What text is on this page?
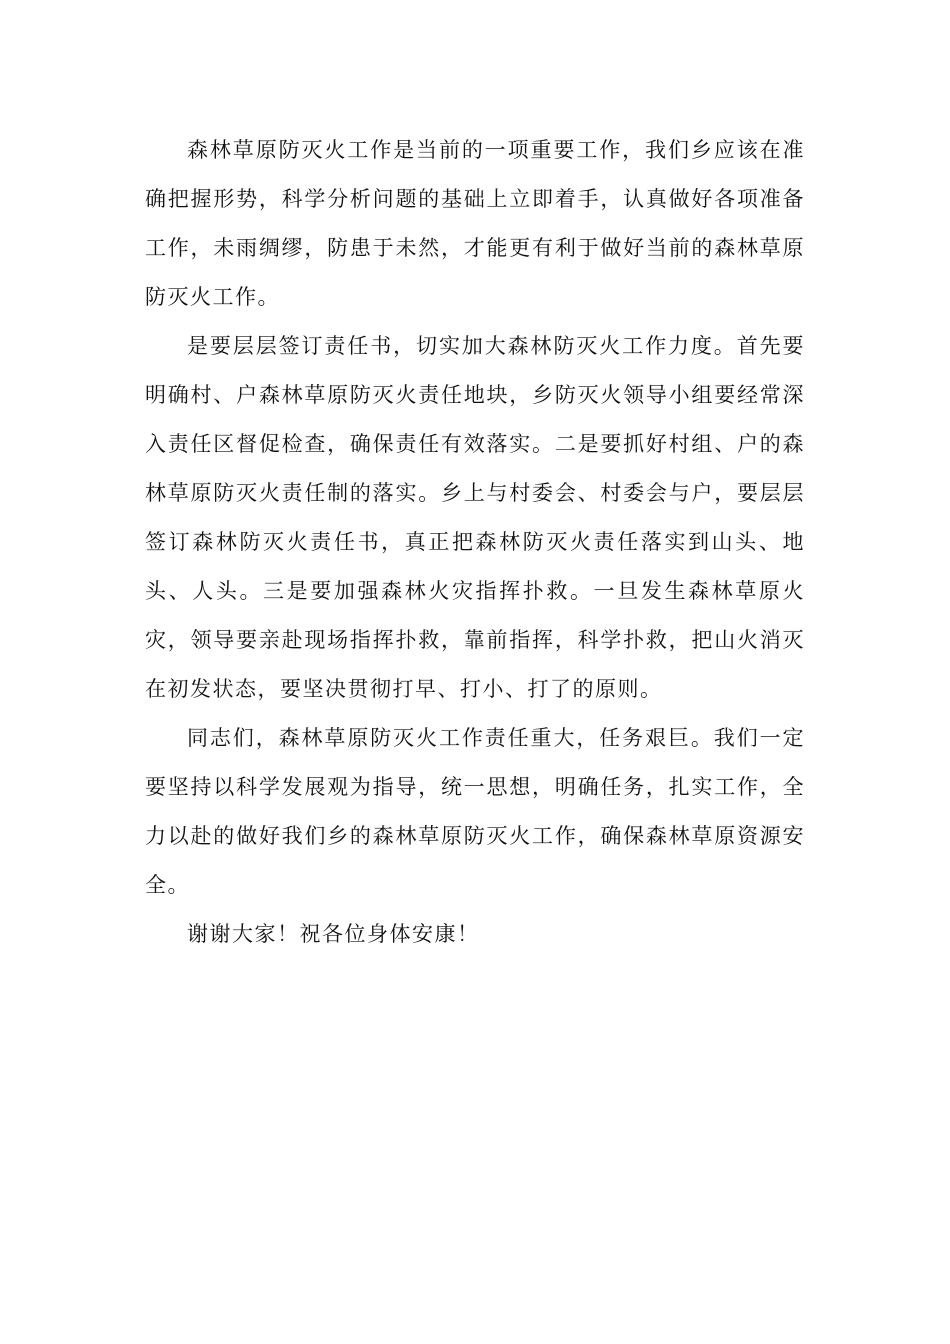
森林草原防灭火工作是当前的一项重要工作，我们乡应该在准确把握形势，科学分析问题的基础上立即着手，认真做好各项准备工作，未雨绸缪，防患于未然，才能更有利于做好当前的森林草原防灭火工作。

是要层层签订责任书，切实加大森林防灭火工作力度。首先要明确村、户森林草原防灭火责任地块，乡防灭火领导小组要经常深入责任区督促检查，确保责任有效落实。二是要抓好村组、户的森林草原防灭火责任制的落实。乡上与村委会、村委会与户，要层层签订森林防灭火责任书，真正把森林防灭火责任落实到山头、地头、人头。三是要加强森林火灾指挥扑救。一旦发生森林草原火灾，领导要亲赴现场指挥扑救，靠前指挥，科学扑救，把山火消灭在初发状态，要坚决贯彻打早、打小、打了的原则。

同志们，森林草原防灭火工作责任重大，任务艰巨。我们一定要坚持以科学发展观为指导，统一思想，明确任务，扎实工作，全力以赴的做好我们乡的森林草原防灭火工作，确保森林草原资源安全。

谢谢大家！祝各位身体安康！
